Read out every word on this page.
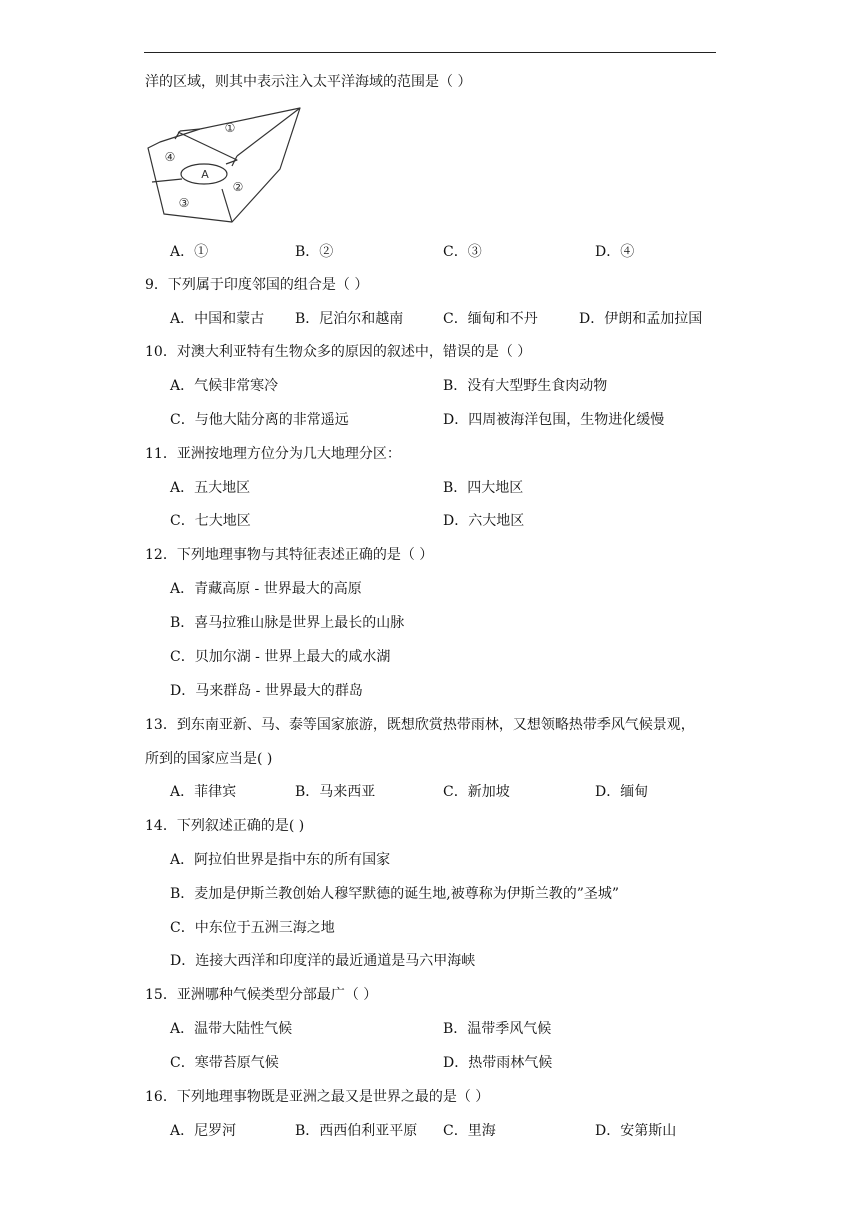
洋的区域，则其中表示注入太平洋海域的范围是（ ）
①
②
③
④
A
A．①	B．②	C．③	D．④
9．下列属于印度邻国的组合是（ ）
A．中国和蒙古 B．尼泊尔和越南	C．缅甸和不丹	D．伊朗和孟加拉国
10．对澳大利亚特有生物众多的原因的叙述中，错误的是（ ）
A．气候非常寒冷	B．没有大型野生食肉动物
C．与他大陆分离的非常遥远	D．四周被海洋包围，生物进化缓慢
11．亚洲按地理方位分为几大地理分区：
A．五大地区	B．四大地区
C．七大地区	D．六大地区
12．下列地理事物与其特征表述正确的是（ ）
A．青藏高原 - 世界最大的高原
B．喜马拉雅山脉是世界上最长的山脉
C．贝加尔湖 - 世界上最大的咸水湖
D．马来群岛 - 世界最大的群岛
13．到东南亚新、马、泰等国家旅游，既想欣赏热带雨林，又想领略热带季风气候景观，
所到的国家应当是( )
A．菲律宾	B．马来西亚	C．新加坡	D．缅甸
14．下列叙述正确的是( )
A．阿拉伯世界是指中东的所有国家
B．麦加是伊斯兰教创始人穆罕默德的诞生地,被尊称为伊斯兰教的”圣城”
C．中东位于五洲三海之地
D．连接大西洋和印度洋的最近通道是马六甲海峡
15．亚洲哪种气候类型分部最广（ ）
A．温带大陆性气候	B．温带季风气候
C．寒带苔原气候	D．热带雨林气候
16．下列地理事物既是亚洲之最又是世界之最的是（ ）
A．尼罗河	B．西西伯利亚平原 C．里海	D．安第斯山
